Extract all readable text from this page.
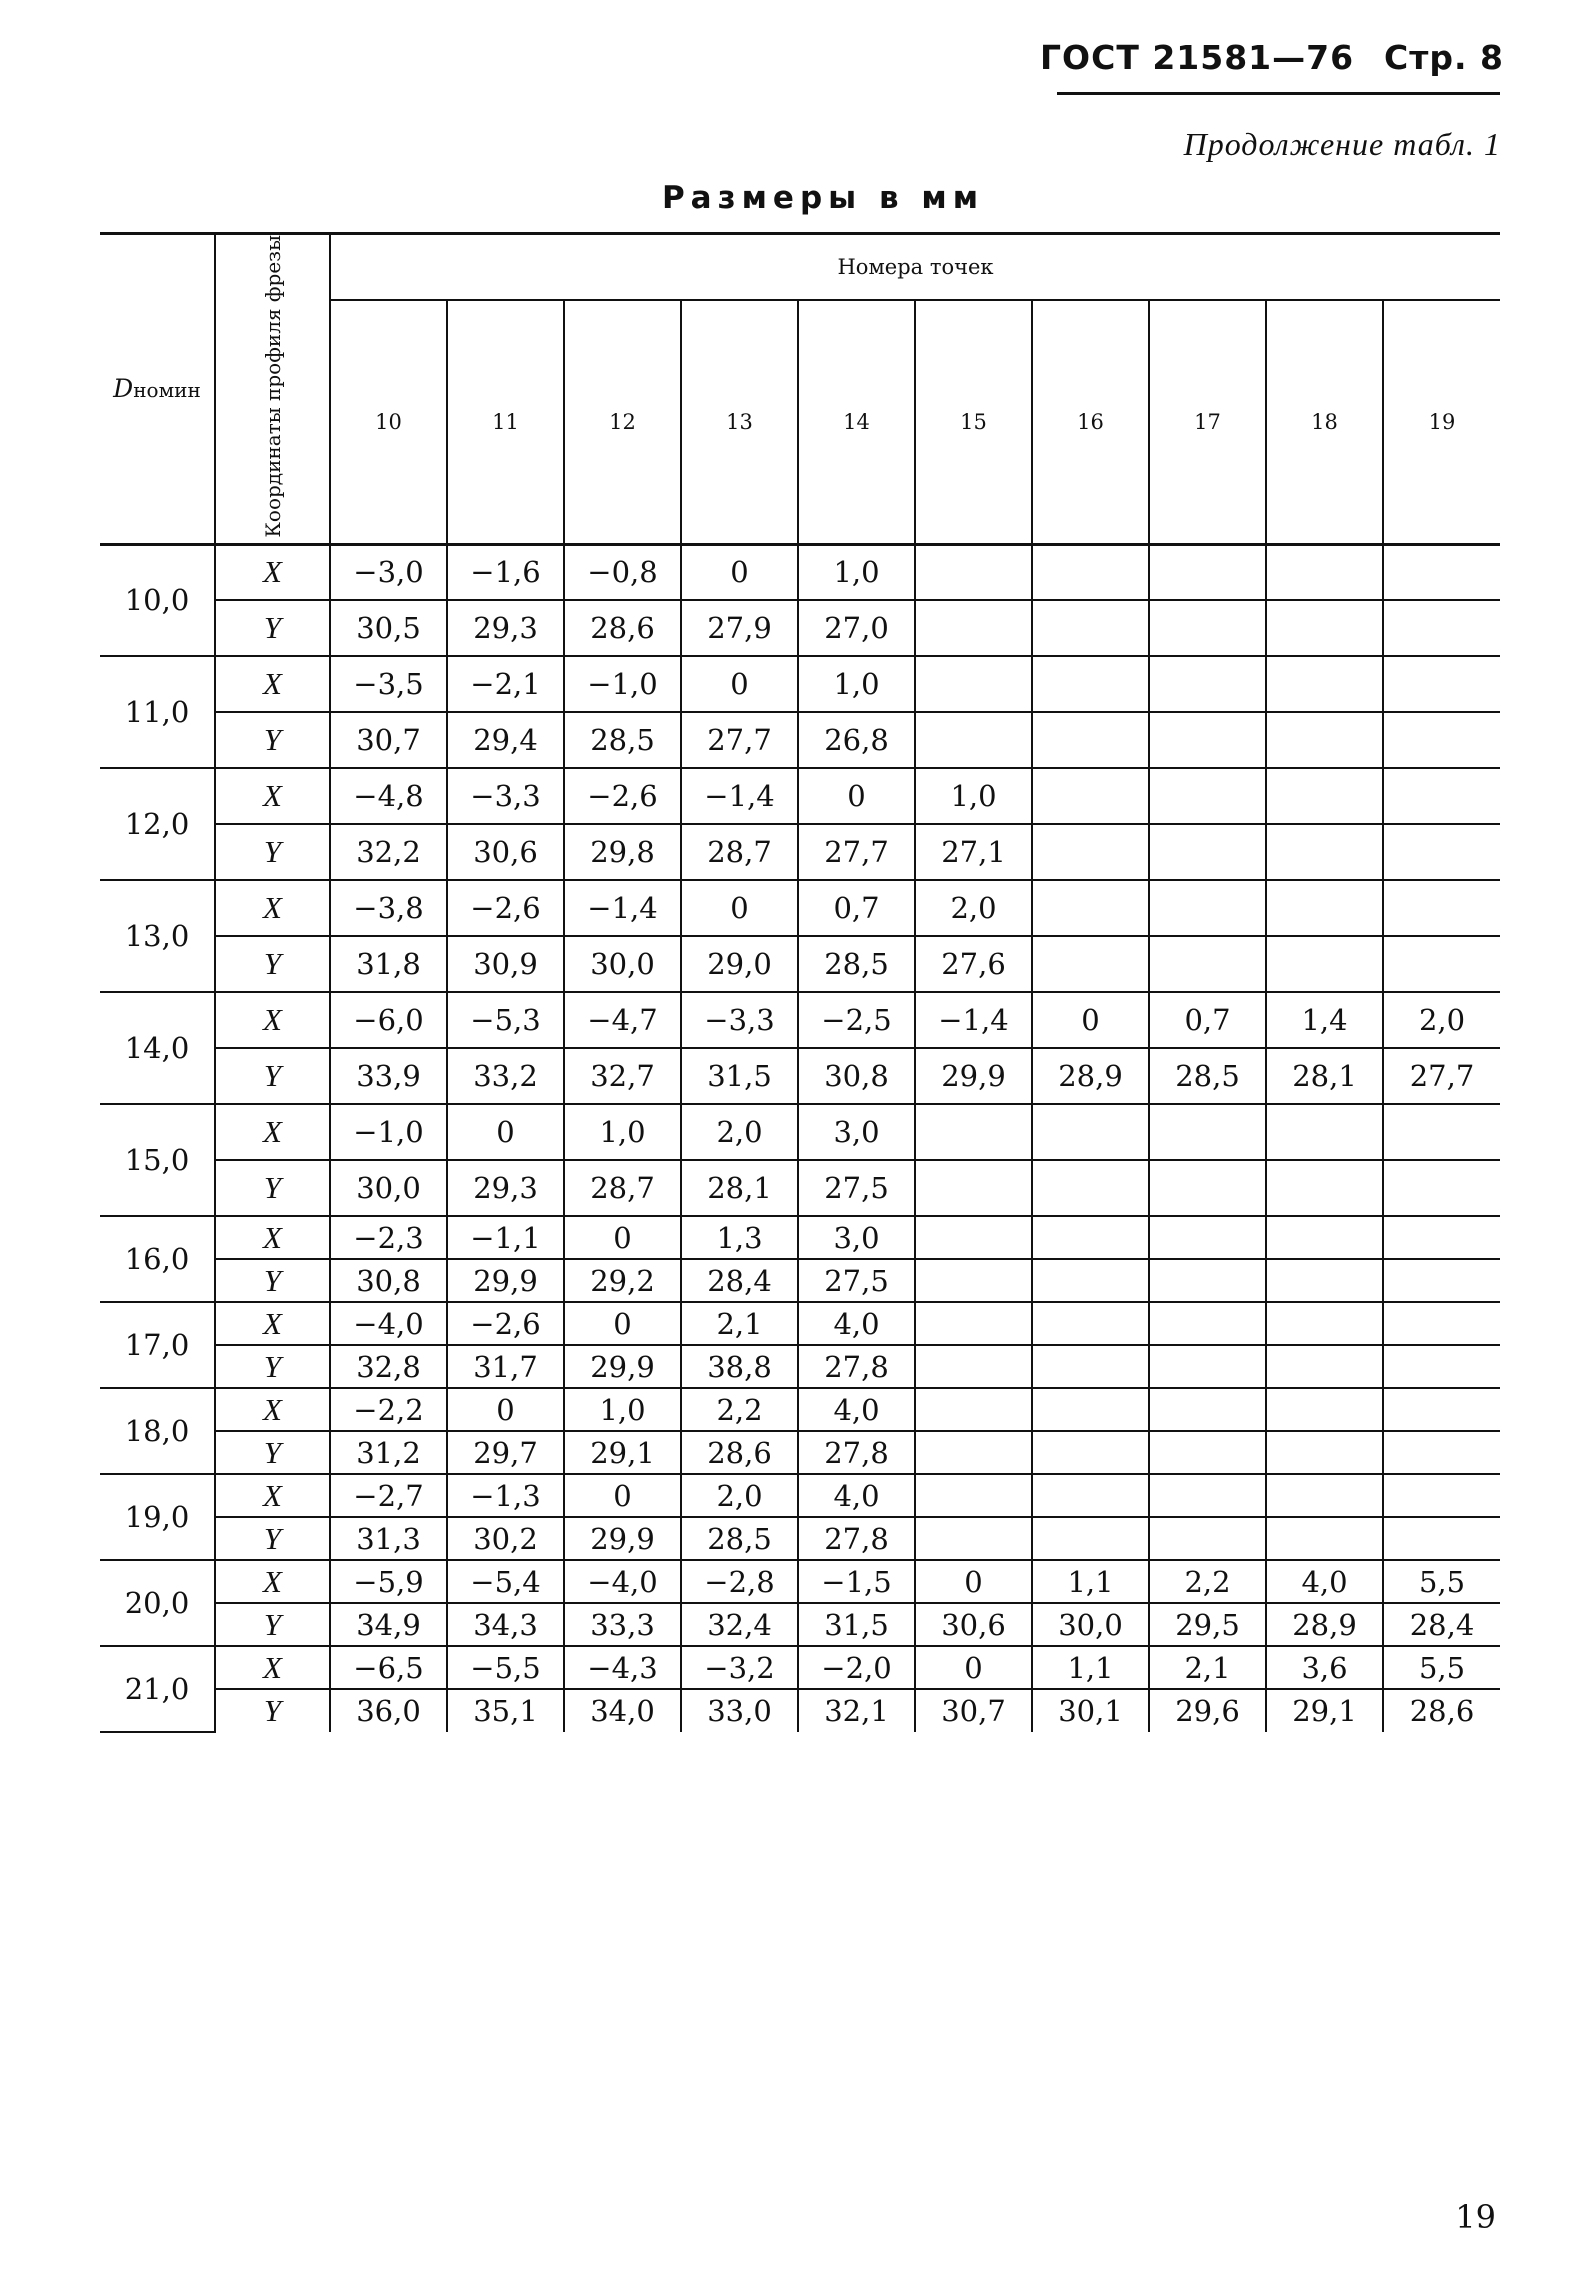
ГОСТ 21581—76 Стр. 8
Продолжение табл. 1
Размеры в мм
Dномин	Координаты профиля фрезы	Номера точек									
		10	11	12	13	14	15	16	17	18	19
10,0	X	−3,0	−1,6	−0,8	0	1,0					
	Y	30,5	29,3	28,6	27,9	27,0					
11,0	X	−3,5	−2,1	−1,0	0	1,0					
	Y	30,7	29,4	28,5	27,7	26,8					
12,0	X	−4,8	−3,3	−2,6	−1,4	0	1,0				
	Y	32,2	30,6	29,8	28,7	27,7	27,1				
13,0	X	−3,8	−2,6	−1,4	0	0,7	2,0				
	Y	31,8	30,9	30,0	29,0	28,5	27,6				
14,0	X	−6,0	−5,3	−4,7	−3,3	−2,5	−1,4	0	0,7	1,4	2,0
	Y	33,9	33,2	32,7	31,5	30,8	29,9	28,9	28,5	28,1	27,7
15,0	X	−1,0	0	1,0	2,0	3,0					
	Y	30,0	29,3	28,7	28,1	27,5					
16,0	X	−2,3	−1,1	0	1,3	3,0					
	Y	30,8	29,9	29,2	28,4	27,5					
17,0	X	−4,0	−2,6	0	2,1	4,0					
	Y	32,8	31,7	29,9	38,8	27,8					
18,0	X	−2,2	0	1,0	2,2	4,0					
	Y	31,2	29,7	29,1	28,6	27,8					
19,0	X	−2,7	−1,3	0	2,0	4,0					
	Y	31,3	30,2	29,9	28,5	27,8					
20,0	X	−5,9	−5,4	−4,0	−2,8	−1,5	0	1,1	2,2	4,0	5,5
	Y	34,9	34,3	33,3	32,4	31,5	30,6	30,0	29,5	28,9	28,4
21,0	X	−6,5	−5,5	−4,3	−3,2	−2,0	0	1,1	2,1	3,6	5,5
	Y	36,0	35,1	34,0	33,0	32,1	30,7	30,1	29,6	29,1	28,6
19
